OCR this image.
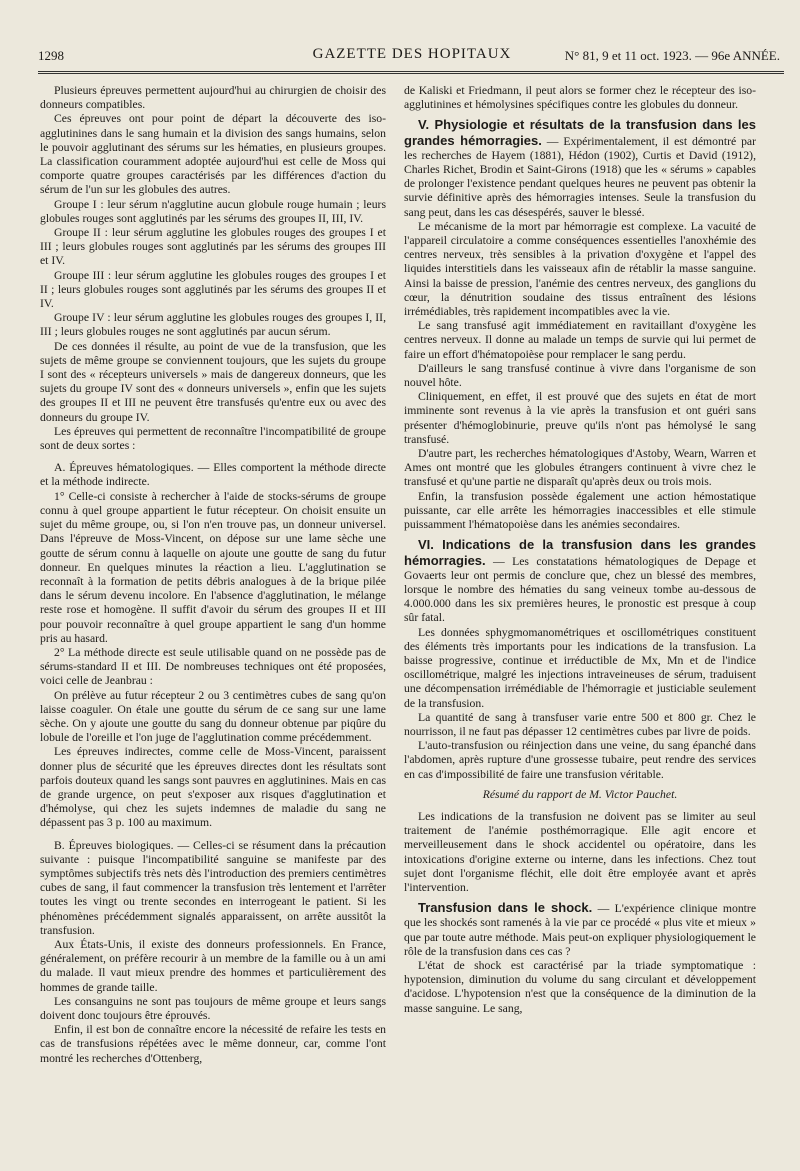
1298	GAZETTE DES HOPITAUX	N° 81, 9 et 11 oct. 1923. — 96e ANNÉE.

Plusieurs épreuves permettent aujourd'hui au chirurgien de choisir des donneurs compatibles.

Ces épreuves ont pour point de départ la découverte des iso-agglutinines dans le sang humain et la division des sangs humains, selon le pouvoir agglutinant des sérums sur les hématies, en plusieurs groupes. La classification couramment adoptée aujourd'hui est celle de Moss qui comporte quatre groupes caractérisés par les différences d'action du sérum de l'un sur les globules des autres.

Groupe I : leur sérum n'agglutine aucun globule rouge humain ; leurs globules rouges sont agglutinés par les sérums des groupes II, III, IV.

Groupe II : leur sérum agglutine les globules rouges des groupes I et III ; leurs globules rouges sont agglutinés par les sérums des groupes III et IV.

Groupe III : leur sérum agglutine les globules rouges des groupes I et II ; leurs globules rouges sont agglutinés par les sérums des groupes II et IV.

Groupe IV : leur sérum agglutine les globules rouges des groupes I, II, III ; leurs globules rouges ne sont agglutinés par aucun sérum.

De ces données il résulte, au point de vue de la transfusion, que les sujets de même groupe se conviennent toujours, que les sujets du groupe I sont des « récepteurs universels » mais de dangereux donneurs, que les sujets du groupe IV sont des « donneurs universels », enfin que les sujets des groupes II et III ne peuvent être transfusés qu'entre eux ou avec des donneurs du groupe IV.

Les épreuves qui permettent de reconnaître l'incompatibilité de groupe sont de deux sortes :

A. Épreuves hématologiques. — Elles comportent la méthode directe et la méthode indirecte.

1° Celle-ci consiste à rechercher à l'aide de stocks-sérums de groupe connu à quel groupe appartient le futur récepteur. On choisit ensuite un sujet du même groupe, ou, si l'on n'en trouve pas, un donneur universel. Dans l'épreuve de Moss-Vincent, on dépose sur une lame sèche une goutte de sérum connu à laquelle on ajoute une goutte de sang du futur donneur. En quelques minutes la réaction a lieu. L'agglutination se reconnaît à la formation de petits débris analogues à de la brique pilée dans le sérum devenu incolore. En l'absence d'agglutination, le mélange reste rose et homogène. Il suffit d'avoir du sérum des groupes II et III pour pouvoir reconnaître à quel groupe appartient le sang d'un homme pris au hasard.

2° La méthode directe est seule utilisable quand on ne possède pas de sérums-standard II et III. De nombreuses techniques ont été proposées, voici celle de Jeanbrau :

On prélève au futur récepteur 2 ou 3 centimètres cubes de sang qu'on laisse coaguler. On étale une goutte du sérum de ce sang sur une lame sèche. On y ajoute une goutte du sang du donneur obtenue par piqûre du lobule de l'oreille et l'on juge de l'agglutination comme précédemment.

Les épreuves indirectes, comme celle de Moss-Vincent, paraissent donner plus de sécurité que les épreuves directes dont les résultats sont parfois douteux quand les sangs sont pauvres en agglutinines. Mais en cas de grande urgence, on peut s'exposer aux risques d'agglutination et d'hémolyse, qui chez les sujets indemnes de maladie du sang ne dépassent pas 3 p. 100 au maximum.

B. Épreuves biologiques. — Celles-ci se résument dans la précaution suivante : puisque l'incompatibilité sanguine se manifeste par des symptômes subjectifs très nets dès l'introduction des premiers centimètres cubes de sang, il faut commencer la transfusion très lentement et l'arrêter toutes les vingt ou trente secondes en interrogeant le patient. Si les phénomènes précédemment signalés apparaissent, on arrête aussitôt la transfusion.

Aux États-Unis, il existe des donneurs professionnels. En France, généralement, on préfère recourir à un membre de la famille ou à un ami du malade. Il vaut mieux prendre des hommes et particulièrement des hommes de grande taille.

Les consanguins ne sont pas toujours de même groupe et leurs sangs doivent donc toujours être éprouvés.

Enfin, il est bon de connaître encore la nécessité de refaire les tests en cas de transfusions répétées avec le même donneur, car, comme l'ont montré les recherches d'Ottenberg,

de Kaliski et Friedmann, il peut alors se former chez le récepteur des iso-agglutinines et hémolysines spécifiques contre les globules du donneur.

V. Physiologie et résultats de la transfusion dans les grandes hémorragies. — Expérimentalement, il est démontré par les recherches de Hayem (1881), Hédon (1902), Curtis et David (1912), Charles Richet, Brodin et Saint-Girons (1918) que les « sérums » capables de prolonger l'existence pendant quelques heures ne peuvent pas obtenir la survie définitive après des hémorragies intenses. Seule la transfusion du sang peut, dans les cas désespérés, sauver le blessé.

Le mécanisme de la mort par hémorragie est complexe. La vacuité de l'appareil circulatoire a comme conséquences essentielles l'anoxhémie des centres nerveux, très sensibles à la privation d'oxygène et l'appel des liquides interstitiels dans les vaisseaux afin de rétablir la masse sanguine. Ainsi la baisse de pression, l'anémie des centres nerveux, des ganglions du cœur, la dénutrition soudaine des tissus entraînent des lésions irrémédiables, très rapidement incompatibles avec la vie.

Le sang transfusé agit immédiatement en ravitaillant d'oxygène les centres nerveux. Il donne au malade un temps de survie qui lui permet de faire un effort d'hématopoièse pour remplacer le sang perdu.

D'ailleurs le sang transfusé continue à vivre dans l'organisme de son nouvel hôte.

Cliniquement, en effet, il est prouvé que des sujets en état de mort imminente sont revenus à la vie après la transfusion et ont guéri sans présenter d'hémoglobinurie, preuve qu'ils n'ont pas hémolysé le sang transfusé.

D'autre part, les recherches hématologiques d'Astoby, Wearn, Warren et Ames ont montré que les globules étrangers continuent à vivre chez le transfusé et qu'une partie ne disparaît qu'après deux ou trois mois.

Enfin, la transfusion possède également une action hémostatique puissante, car elle arrête les hémorragies inaccessibles et elle stimule puissamment l'hématopoièse dans les anémies secondaires.

VI. Indications de la transfusion dans les grandes hémorragies. — Les constatations hématologiques de Depage et Govaerts leur ont permis de conclure que, chez un blessé des membres, lorsque le nombre des hématies du sang veineux tombe au-dessous de 4.000.000 dans les six premières heures, le pronostic est presque à coup sûr fatal.

Les données sphygmomanométriques et oscillométriques constituent des éléments très importants pour les indications de la transfusion. La baisse progressive, continue et irréductible de Mx, Mn et de l'indice oscillométrique, malgré les injections intraveineuses de sérum, traduisent une décompensation irrémédiable de l'hémorragie et justiciable seulement de la transfusion.

La quantité de sang à transfuser varie entre 500 et 800 gr. Chez le nourrisson, il ne faut pas dépasser 12 centimètres cubes par livre de poids.

L'auto-transfusion ou réinjection dans une veine, du sang épanché dans l'abdomen, après rupture d'une grossesse tubaire, peut rendre des services en cas d'impossibilité de faire une transfusion véritable.

Résumé du rapport de M. Victor Pauchet.

Les indications de la transfusion ne doivent pas se limiter au seul traitement de l'anémie posthémorragique. Elle agit encore et merveilleusement dans le shock accidentel ou opératoire, dans les intoxications d'origine externe ou interne, dans les infections. Chez tout sujet dont l'organisme fléchit, elle doit être employée avant et après l'intervention.

Transfusion dans le shock. — L'expérience clinique montre que les shockés sont ramenés à la vie par ce procédé « plus vite et mieux » que par toute autre méthode. Mais peut-on expliquer physiologiquement le rôle de la transfusion dans ces cas ?

L'état de shock est caractérisé par la triade symptomatique : hypotension, diminution du volume du sang circulant et développement d'acidose. L'hypotension n'est que la conséquence de la diminution de la masse sanguine. Le sang,
